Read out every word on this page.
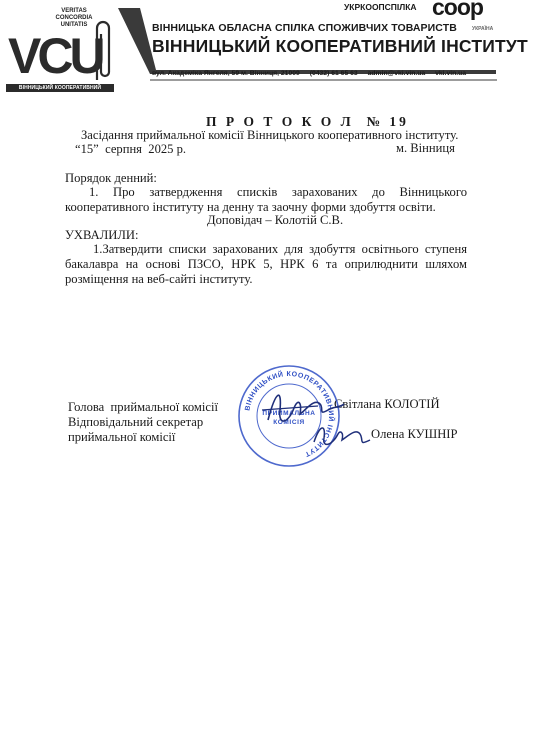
VERITAS
CONCORDIA
UNITATIS
VCU
ВІННИЦЬКИЙ КООПЕРАТИВНИЙ ІНСТИТУТ
УКРКООПСПІЛКА
ВІННИЦЬКА ОБЛАСНА СПІЛКА СПОЖИВЧИХ ТОВАРИСТВ
ВІННИЦЬКИЙ КООПЕРАТИВНИЙ ІНСТИТУТ
coop
УКРАЇНА
вул. Академіка Янгеля, 59 м. Вінниця, 21009 (0432) 61 65 63 admin@vki.vin.ua vki.vin.ua
П Р О Т О К О Л  № 19
Засідання приймальної комісії Вінницького кооперативного інституту.
“15”  серпня  2025 р.	м. Вінниця
Порядок денний:
1.  Про  затвердження  списків  зарахованих  до  Вінницького
кооперативного інституту на денну та заочну форми здобуття освіти.
Доповідач – Колотій С.В.
УХВАЛИЛИ:
1.Затвердити списки зарахованих для здобуття освітнього ступеня бакалавра на основі ПЗСО, НРК 5, НРК 6 та оприлюднити шляхом розміщення на веб-сайті інституту.
Голова  приймальної комісії
Відповідальний секретар
приймальної комісії
Світлана КОЛОТІЙ
Олена КУШНІР
ВІННИЦЬКИЙ КООПЕРАТИВНИЙ ІНСТИТУТ
ПРИЙМАЛЬНА
КОМІСІЯ
